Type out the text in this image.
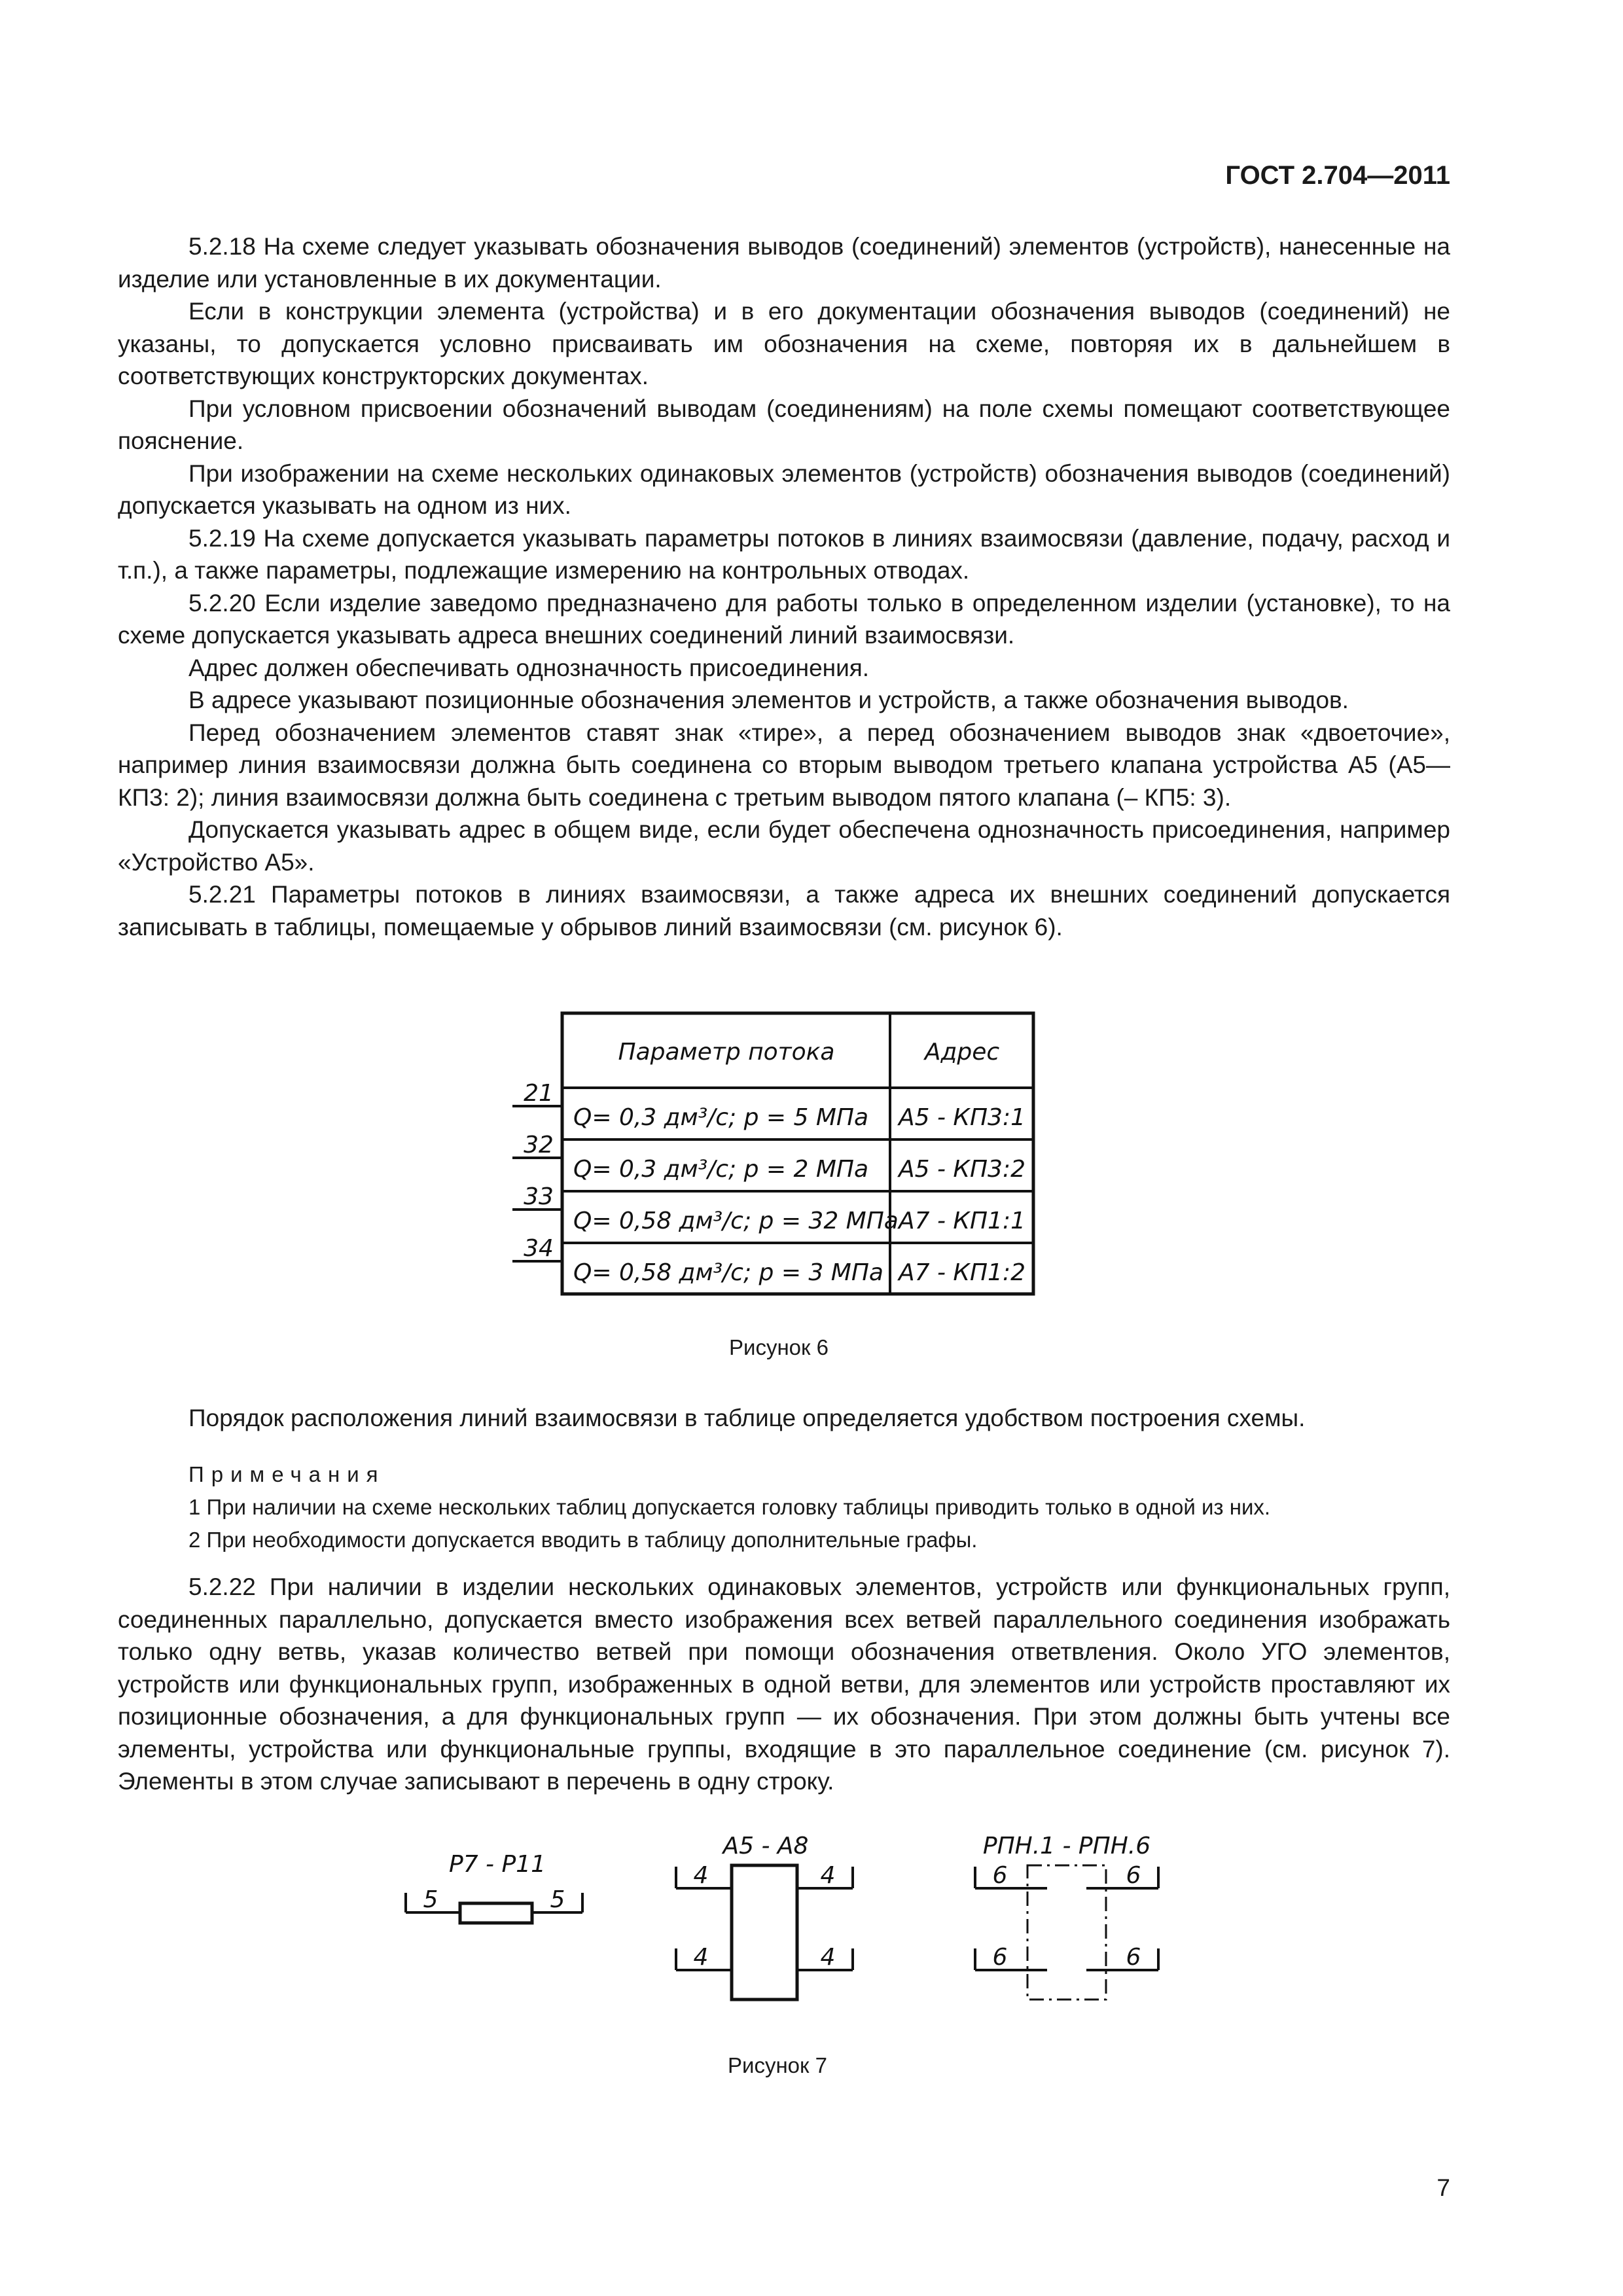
ГОСТ 2.704—2011

5.2.18 На схеме следует указывать обозначения выводов (соединений) элементов (устройств), нанесенные на изделие или установленные в их документации.

Если в конструкции элемента (устройства) и в его документации обозначения выводов (соединений) не указаны, то допускается условно присваивать им обозначения на схеме, повторяя их в дальнейшем в соответствующих конструкторских документах.

При условном присвоении обозначений выводам (соединениям) на поле схемы помещают соответствующее пояснение.

При изображении на схеме нескольких одинаковых элементов (устройств) обозначения выводов (соединений) допускается указывать на одном из них.

5.2.19 На схеме допускается указывать параметры потоков в линиях взаимосвязи (давление, подачу, расход и т.п.), а также параметры, подлежащие измерению на контрольных отводах.

5.2.20 Если изделие заведомо предназначено для работы только в определенном изделии (установке), то на схеме допускается указывать адреса внешних соединений линий взаимосвязи.

Адрес должен обеспечивать однозначность присоединения.

В адресе указывают позиционные обозначения элементов и устройств, а также обозначения выводов.

Перед обозначением элементов ставят знак «тире», а перед обозначением выводов знак «двоеточие», например линия взаимосвязи должна быть соединена со вторым выводом третьего клапана устройства А5 (А5—КП3: 2); линия взаимосвязи должна быть соединена с третьим выводом пятого клапана (– КП5: 3).

Допускается указывать адрес в общем виде, если будет обеспечена однозначность присоединения, например «Устройство А5».

5.2.21 Параметры потоков в линиях взаимосвязи, а также адреса их внешних соединений допускается записывать в таблицы, помещаемые у обрывов линий взаимосвязи (см. рисунок 6).

Параметр потока	Адрес
21
Q= 0,3 дм³/с; р = 5 МПа А5 - КП3:1
32
Q= 0,3 дм³/с; р = 2 МПа А5 - КП3:2
33
Q= 0,58 дм³/с; р = 32 МПа А7 - КП1:1
34
Q= 0,58 дм³/с; р = 3 МПа А7 - КП1:2
Рисунок 6

Порядок расположения линий взаимосвязи в таблице определяется удобством построения схемы.

Примечания
1 При наличии на схеме нескольких таблиц допускается головку таблицы приводить только в одной из них.
2 При необходимости допускается вводить в таблицу дополнительные графы.

5.2.22 При наличии в изделии нескольких одинаковых элементов, устройств или функциональных групп, соединенных параллельно, допускается вместо изображения всех ветвей параллельного соединения изображать только одну ветвь, указав количество ветвей при помощи обозначения ответвления. Около УГО элементов, устройств или функциональных групп, изображенных в одной ветви, для элементов или устройств проставляют их позиционные обозначения, а для функциональных групп — их обозначения. При этом должны быть учтены все элементы, устройства или функциональные группы, входящие в это параллельное соединение (см. рисунок 7). Элементы в этом случае записывают в перечень в одну строку.

Р7 - Р11
5	5
А5 - А8
4	4
4	4
РПН.1 - РПН.6
6	6
6	6
Рисунок 7
7
